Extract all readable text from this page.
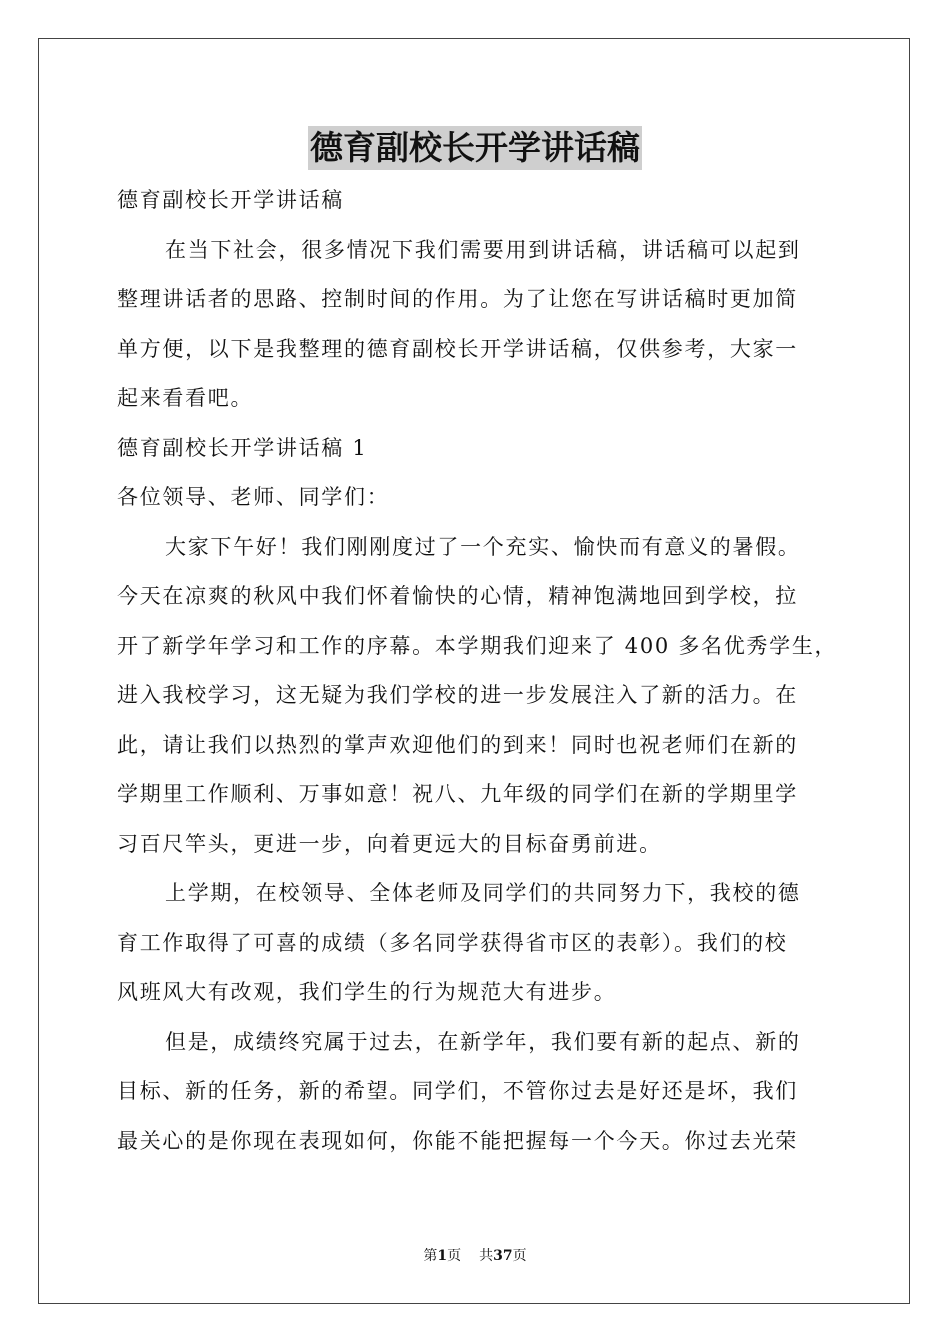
德育副校长开学讲话稿
德育副校长开学讲话稿
在当下社会，很多情况下我们需要用到讲话稿，讲话稿可以起到
整理讲话者的思路、控制时间的作用。为了让您在写讲话稿时更加简
单方便，以下是我整理的德育副校长开学讲话稿，仅供参考，大家一
起来看看吧。
德育副校长开学讲话稿 1
各位领导、老师、同学们：
大家下午好！我们刚刚度过了一个充实、愉快而有意义的暑假。
今天在凉爽的秋风中我们怀着愉快的心情，精神饱满地回到学校，拉
开了新学年学习和工作的序幕。本学期我们迎来了 400 多名优秀学生，
进入我校学习，这无疑为我们学校的进一步发展注入了新的活力。在
此，请让我们以热烈的掌声欢迎他们的到来！同时也祝老师们在新的
学期里工作顺利、万事如意！祝八、九年级的同学们在新的学期里学
习百尺竿头，更进一步，向着更远大的目标奋勇前进。
上学期，在校领导、全体老师及同学们的共同努力下，我校的德
育工作取得了可喜的成绩（多名同学获得省市区的表彰）。我们的校
风班风大有改观，我们学生的行为规范大有进步。
但是，成绩终究属于过去，在新学年，我们要有新的起点、新的
目标、新的任务，新的希望。同学们，不管你过去是好还是坏，我们
最关心的是你现在表现如何，你能不能把握每一个今天。你过去光荣
第1页 共37页
